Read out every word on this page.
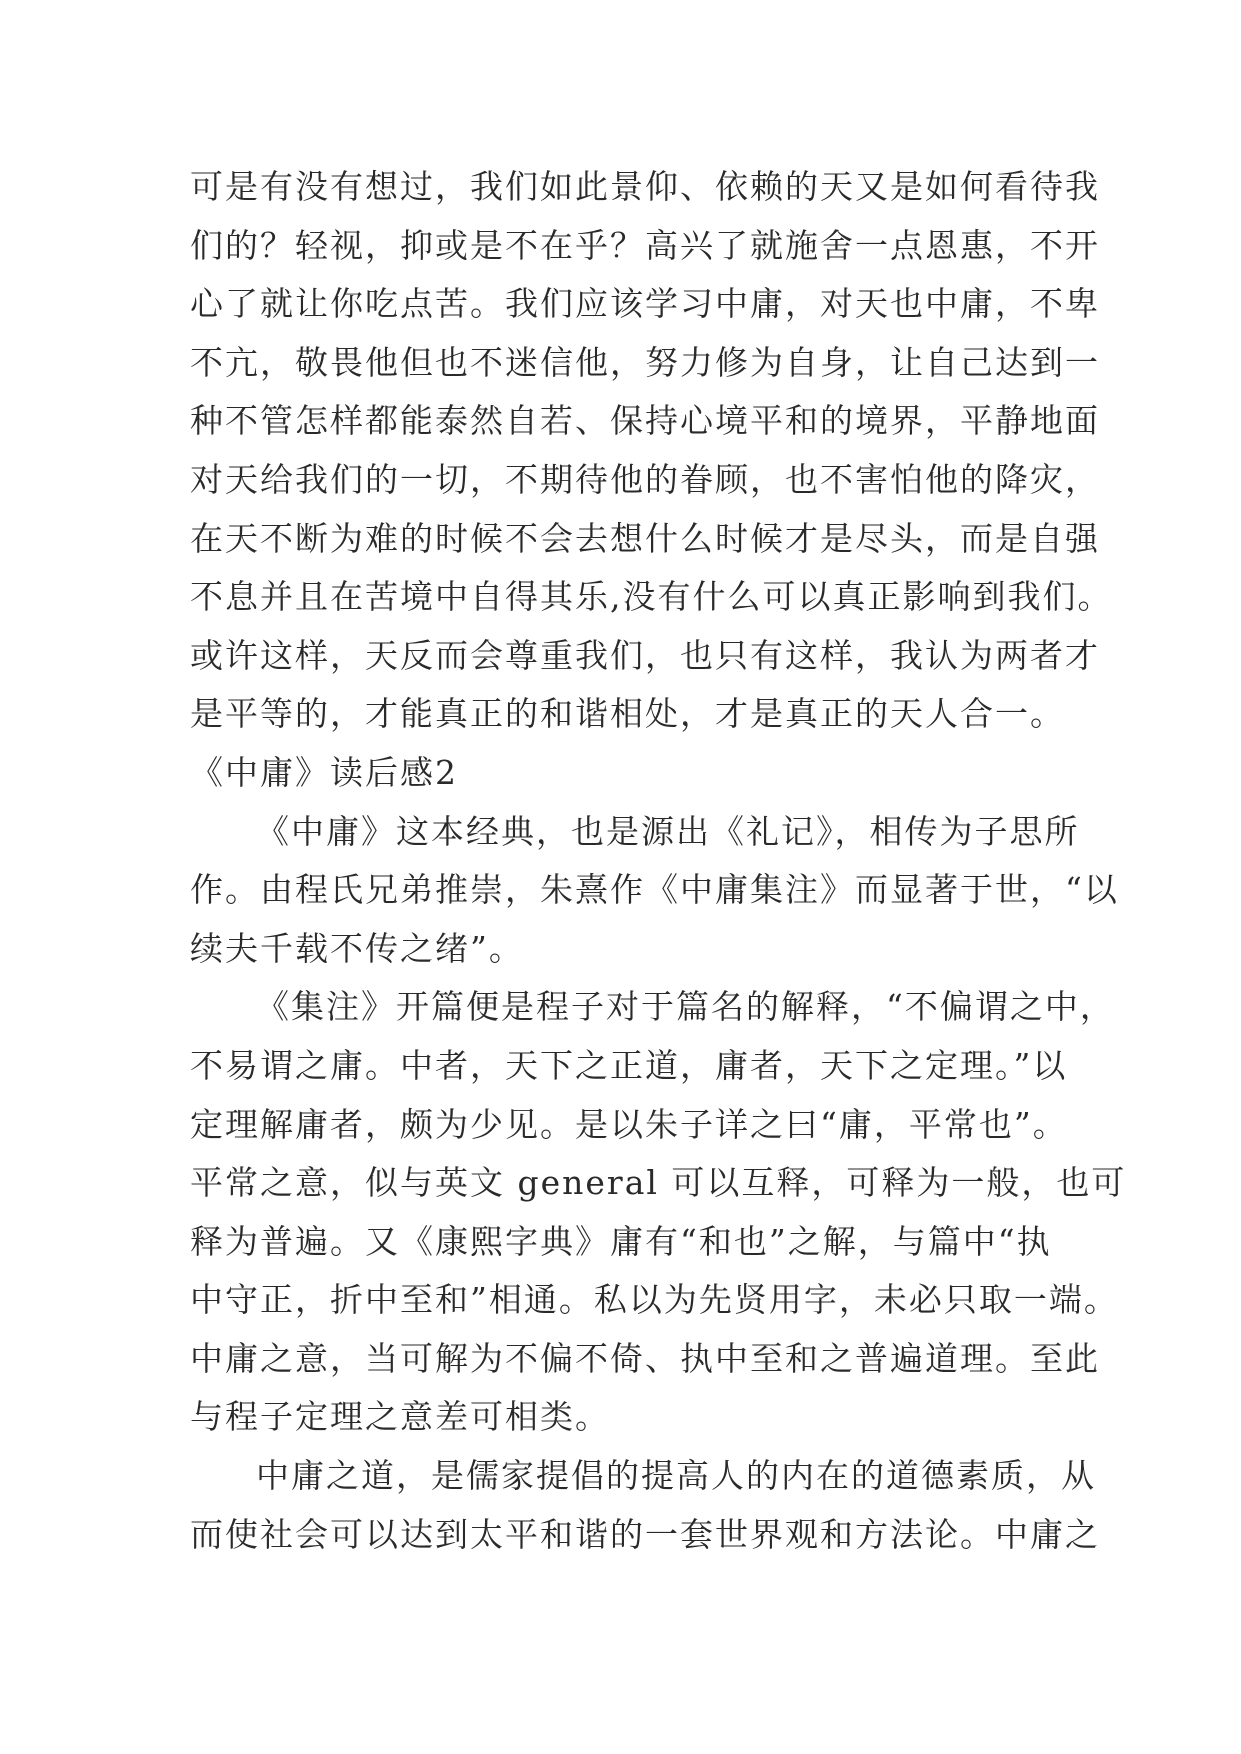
可是有没有想过，我们如此景仰、依赖的天又是如何看待我
们的？轻视，抑或是不在乎？高兴了就施舍一点恩惠，不开
心了就让你吃点苦。我们应该学习中庸，对天也中庸，不卑
不亢，敬畏他但也不迷信他，努力修为自身，让自己达到一
种不管怎样都能泰然自若、保持心境平和的境界，平静地面
对天给我们的一切，不期待他的眷顾，也不害怕他的降灾，
在天不断为难的时候不会去想什么时候才是尽头，而是自强
不息并且在苦境中自得其乐,没有什么可以真正影响到我们。
或许这样，天反而会尊重我们，也只有这样，我认为两者才
是平等的，才能真正的和谐相处，才是真正的天人合一。
《中庸》读后感2
《中庸》这本经典，也是源出《礼记》，相传为子思所
作。由程氏兄弟推崇，朱熹作《中庸集注》而显著于世，“以
续夫千载不传之绪”。
《集注》开篇便是程子对于篇名的解释，“不偏谓之中，
不易谓之庸。中者，天下之正道，庸者，天下之定理。”以
定理解庸者，颇为少见。是以朱子详之曰“庸，平常也”。
平常之意，似与英文 general 可以互释，可释为一般，也可
释为普遍。又《康熙字典》庸有“和也”之解，与篇中“执
中守正，折中至和”相通。私以为先贤用字，未必只取一端。
中庸之意，当可解为不偏不倚、执中至和之普遍道理。至此
与程子定理之意差可相类。
中庸之道，是儒家提倡的提高人的内在的道德素质，从
而使社会可以达到太平和谐的一套世界观和方法论。中庸之
